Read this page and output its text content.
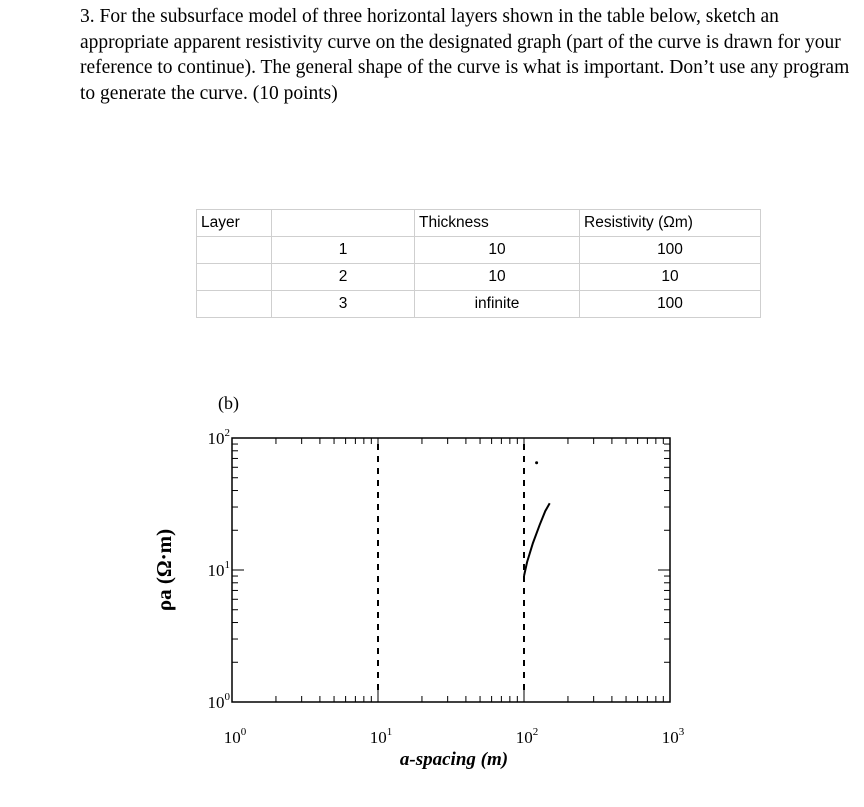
3. For the subsurface model of three horizontal layers shown in the table below, sketch an appropriate apparent resistivity curve on the designated graph (part of the curve is drawn for your reference to continue). The general shape of the curve is what is important. Don’t use any program to generate the curve. (10 points)
Layer		Thickness	Resistivity (Ωm)
	1	10	100
	2	10	10
	3	infinite	100
(b)
$10^0$	$10^1$	$10^2$	$10^3$
$10^0$
$10^1$
$10^2$
a-spacing (m)
ρa (Ω·m)
